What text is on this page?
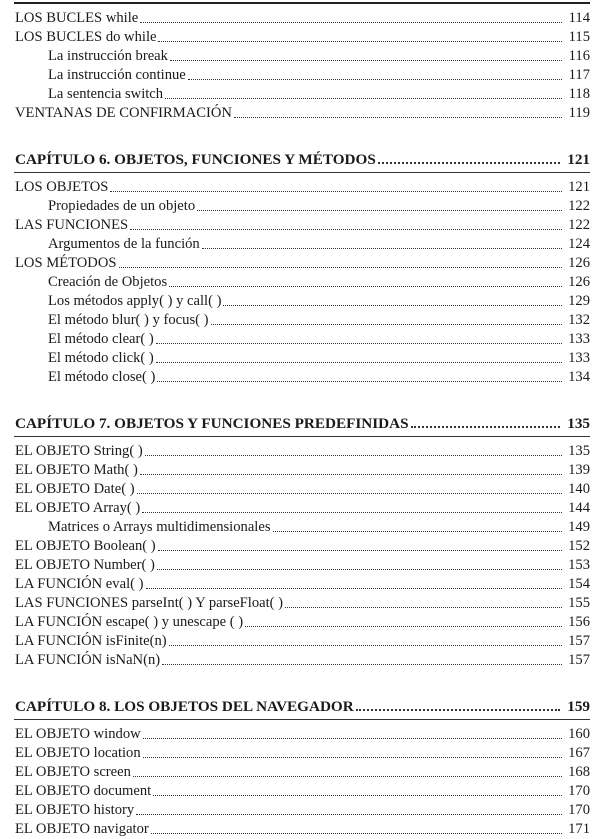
LOS BUCLES while	114
LOS BUCLES do while	115
La instrucción break	116
La instrucción continue	117
La sentencia switch	118
VENTANAS DE CONFIRMACIÓN	119
CAPÍTULO 6. OBJETOS, FUNCIONES Y MÉTODOS	121
LOS OBJETOS	121
Propiedades de un objeto	122
LAS FUNCIONES	122
Argumentos de la función	124
LOS MÉTODOS	126
Creación de Objetos	126
Los métodos apply( ) y call( )	129
El método blur( ) y focus( )	132
El método clear( )	133
El método click( )	133
El método close( )	134
CAPÍTULO 7. OBJETOS Y FUNCIONES PREDEFINIDAS	135
EL OBJETO String( )	135
EL OBJETO Math( )	139
EL OBJETO Date( )	140
EL OBJETO Array( )	144
Matrices o Arrays multidimensionales	149
EL OBJETO Boolean( )	152
EL OBJETO Number( )	153
LA FUNCIÓN eval( )	154
LAS FUNCIONES parseInt( ) Y parseFloat( )	155
LA FUNCIÓN escape( ) y unescape ( )	156
LA FUNCIÓN isFinite(n)	157
LA FUNCIÓN isNaN(n)	157
CAPÍTULO 8. LOS OBJETOS DEL NAVEGADOR	159
EL OBJETO window	160
EL OBJETO location	167
EL OBJETO screen	168
EL OBJETO document	170
EL OBJETO history	170
EL OBJETO navigator	171
